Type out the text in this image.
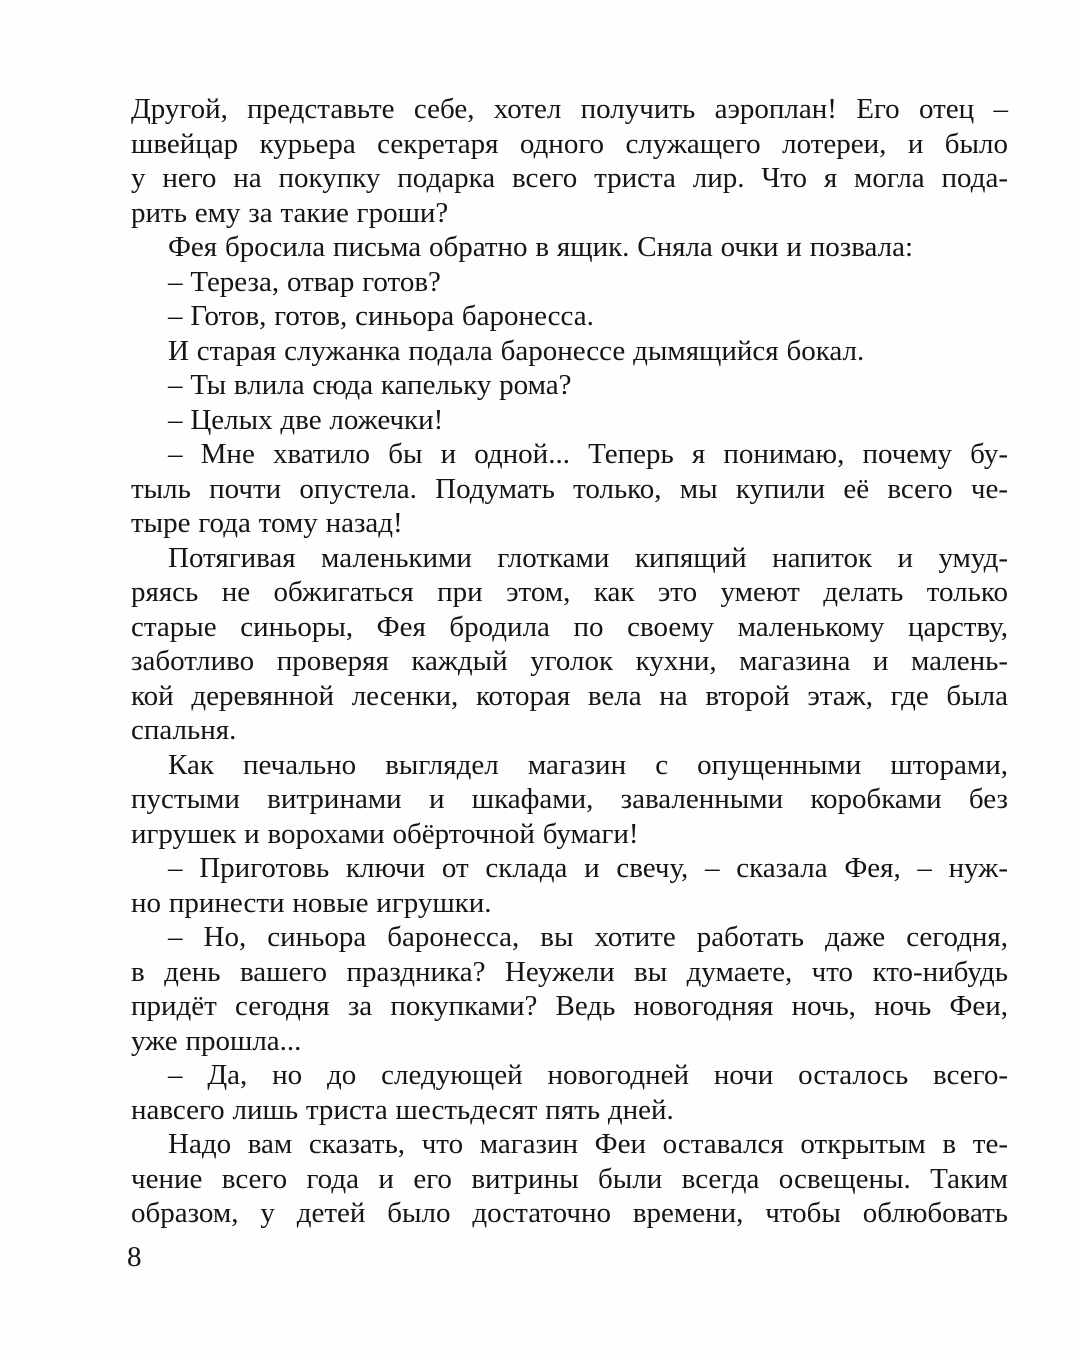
Другой, представьте себе, хотел получить аэроплан! Его отец –
швейцар курьера секретаря одного служащего лотереи, и было
у него на покупку подарка всего триста лир. Что я могла пода-
рить ему за такие гроши?
Фея бросила письма обратно в ящик. Сняла очки и позвала:
– Тереза, отвар готов?
– Готов, готов, синьора баронесса.
И старая служанка подала баронессе дымящийся бокал.
– Ты влила сюда капельку рома?
– Целых две ложечки!
– Мне хватило бы и одной... Теперь я понимаю, почему бу-
тыль почти опустела. Подумать только, мы купили её всего че-
тыре года тому назад!
Потягивая маленькими глотками кипящий напиток и умуд-
ряясь не обжигаться при этом, как это умеют делать только
старые синьоры, Фея бродила по своему маленькому царству,
заботливо проверяя каждый уголок кухни, магазина и малень-
кой деревянной лесенки, которая вела на второй этаж, где была
спальня.
Как печально выглядел магазин с опущенными шторами,
пустыми витринами и шкафами, заваленными коробками без
игрушек и ворохами обёрточной бумаги!
– Приготовь ключи от склада и свечу, – сказала Фея, – нуж-
но принести новые игрушки.
– Но, синьора баронесса, вы хотите работать даже сегодня,
в день вашего праздника? Неужели вы думаете, что кто-нибудь
придёт сегодня за покупками? Ведь новогодняя ночь, ночь Феи,
уже прошла...
– Да, но до следующей новогодней ночи осталось всего-
навсего лишь триста шестьдесят пять дней.
Надо вам сказать, что магазин Феи оставался открытым в те-
чение всего года и его витрины были всегда освещены. Таким
образом, у детей было достаточно времени, чтобы облюбовать
8
